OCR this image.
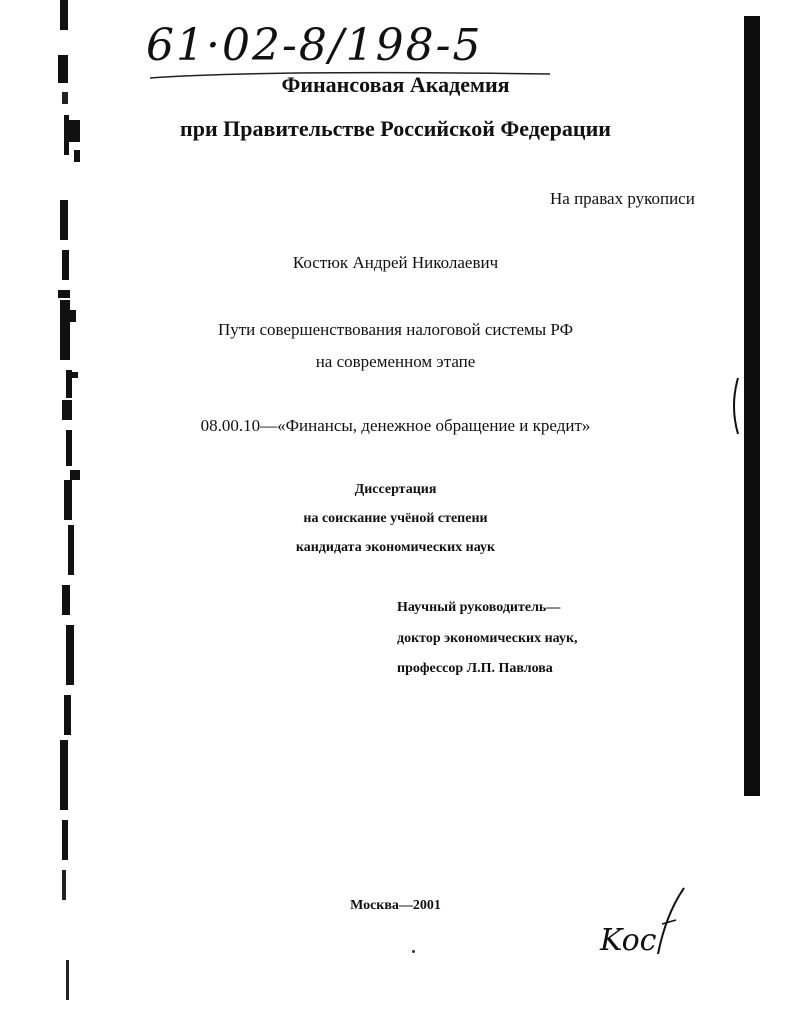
61·02-8/198-5
Финансовая Академия
при Правительстве Российской Федерации
На правах рукописи
Костюк Андрей Николаевич
Пути совершенствования налоговой системы РФ
на современном этапе
08.00.10—«Финансы, денежное обращение и кредит»
Диссертация
на соискание учёной степени
кандидата экономических наук
Научный руководитель—
доктор экономических наук,
профессор Л.П. Павлова
Москва—2001
Koc
